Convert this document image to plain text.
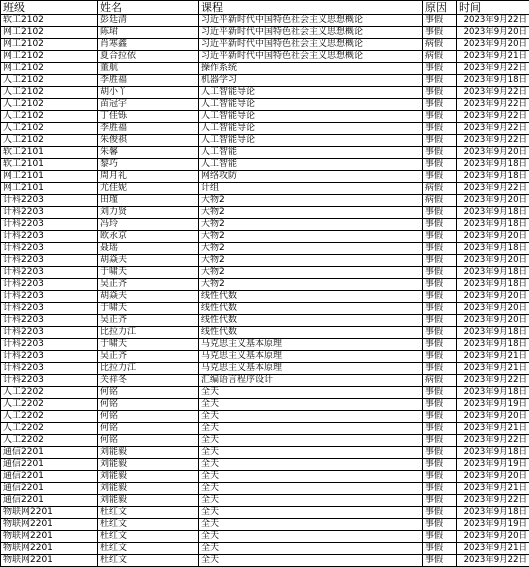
班级	姓名	课程	原因	时间
软工2102	彭廷清	习近平新时代中国特色社会主义思想概论	事假	2023年9月22日
网工2102	陈珺	习近平新时代中国特色社会主义思想概论	事假	2023年9月20日
网工2102	肖寒鑫	习近平新时代中国特色社会主义思想概论	病假	2023年9月20日
网工2102	夏合拉依	习近平新时代中国特色社会主义思想概论	病假	2023年9月21日
网工2102	董航	操作系统	事假	2023年9月22日
人工2102	李胜福	机器学习	事假	2023年9月18日
人工2102	胡小丫	人工智能导论	事假	2023年9月22日
人工2102	苗冠宇	人工智能导论	事假	2023年9月22日
人工2102	丁佳铄	人工智能导论	事假	2023年9月22日
人工2102	李胜福	人工智能导论	事假	2023年9月22日
人工2102	朱俊祺	人工智能导论	事假	2023年9月22日
软工2101	朱馨	人工智能	事假	2023年9月20日
软工2101	黎巧	人工智能	事假	2023年9月18日
网工2101	周月礼	网络攻防	事假	2023年9月18日
网工2101	尤佳妮	计组	病假	2023年9月22日
计科2203	田瑾	大物2	病假	2023年9月20日
计科2203	刘力贤	大物2	事假	2023年9月18日
计科2203	冯玲	大物2	事假	2023年9月18日
计科2203	欧永京	大物2	事假	2023年9月20日
计科2203	聂瑶	大物2	事假	2023年9月18日
计科2203	胡焱夫	大物2	事假	2023年9月20日
计科2203	于啸天	大物2	事假	2023年9月18日
计科2203	吴正齐	大物2	事假	2023年9月18日
计科2203	胡焱夫	线性代数	事假	2023年9月20日
计科2203	于啸天	线性代数	事假	2023年9月20日
计科2203	吴正齐	线性代数	事假	2023年9月20日
计科2203	比拉力江	线性代数	事假	2023年9月18日
计科2203	于啸天	马克思主义基本原理	事假	2023年9月18日
计科2203	吴正齐	马克思主义基本原理	事假	2023年9月21日
计科2203	比拉力江	马克思主义基本原理	事假	2023年9月21日
计科2203	关祥冬	汇编语言程序设计	病假	2023年9月22日
人工2202	何铭	全天	事假	2023年9月18日
人工2202	何铭	全天	事假	2023年9月19日
人工2202	何铭	全天	事假	2023年9月20日
人工2202	何铭	全天	事假	2023年9月21日
人工2202	何铭	全天	事假	2023年9月22日
通信2201	刘能毅	全天	事假	2023年9月18日
通信2201	刘能毅	全天	事假	2023年9月19日
通信2201	刘能毅	全天	事假	2023年9月20日
通信2201	刘能毅	全天	事假	2023年9月21日
通信2201	刘能毅	全天	事假	2023年9月22日
物联网2201	杜红文	全天	事假	2023年9月18日
物联网2201	杜红文	全天	事假	2023年9月19日
物联网2201	杜红文	全天	事假	2023年9月20日
物联网2201	杜红文	全天	事假	2023年9月21日
物联网2201	杜红文	全天	事假	2023年9月22日
